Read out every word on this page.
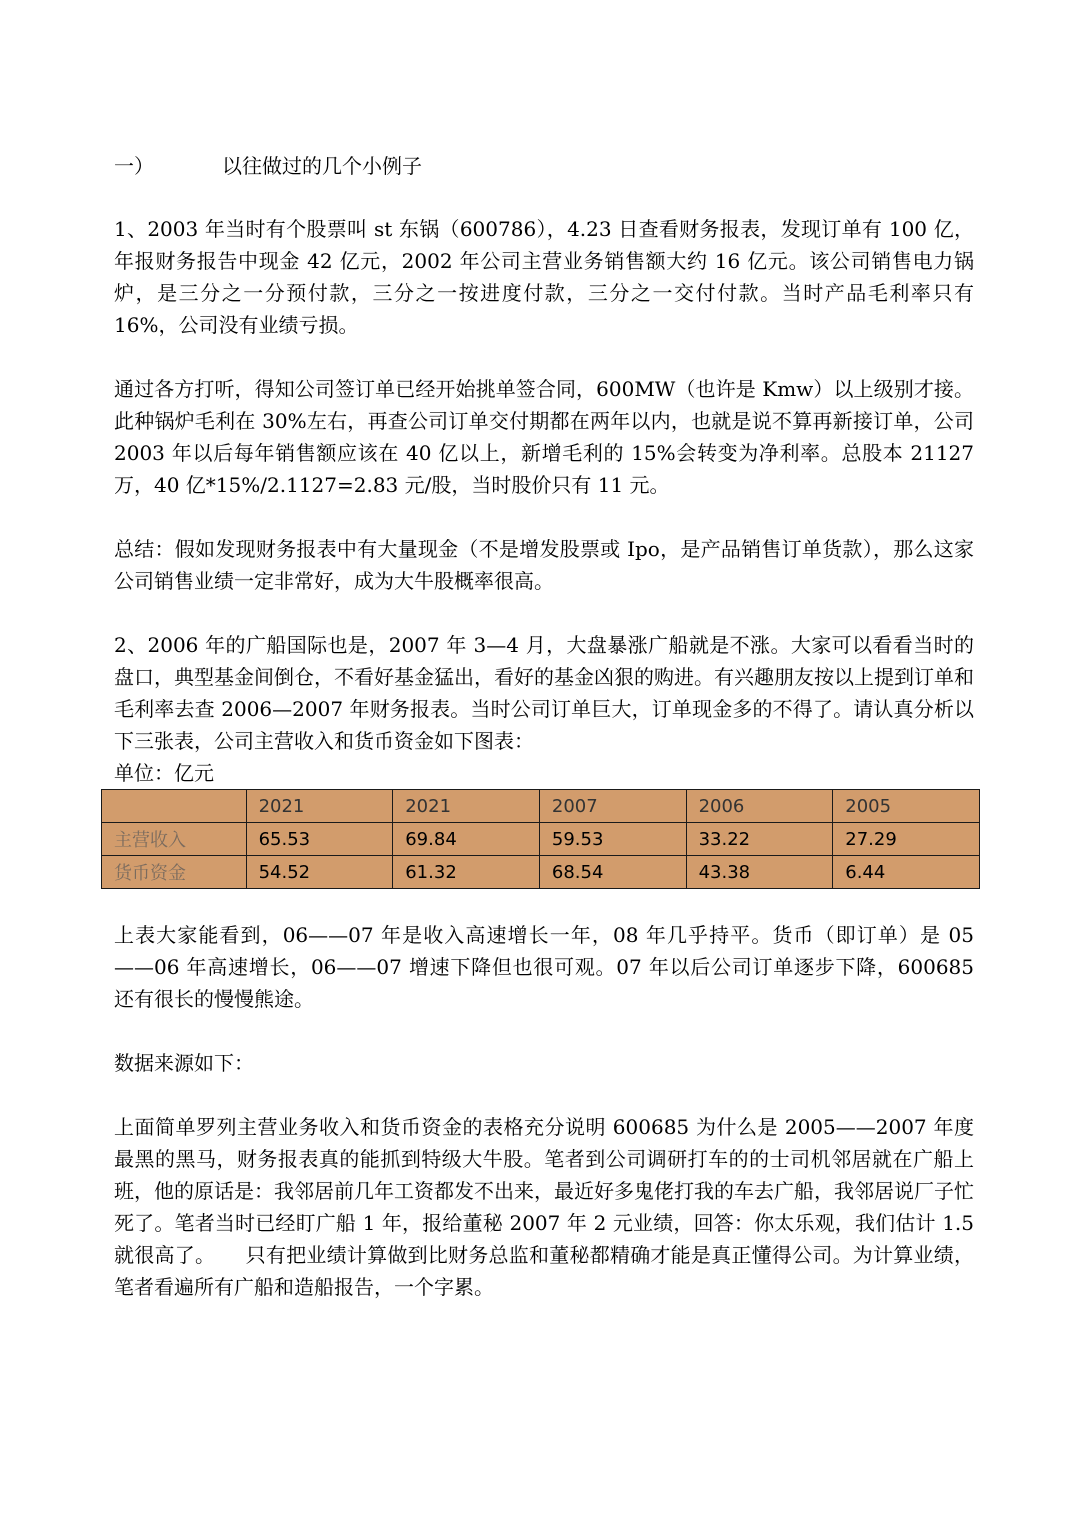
一）	以往做过的几个小例子

1、2003 年当时有个股票叫 st 东锅（600786），4.23 日查看财务报表，发现订单有 100 亿，年报财务报告中现金 42 亿元，2002 年公司主营业务销售额大约 16 亿元。该公司销售电力锅炉，是三分之一分预付款，三分之一按进度付款，三分之一交付付款。当时产品毛利率只有 16%，公司没有业绩亏损。

通过各方打听，得知公司签订单已经开始挑单签合同，600MW（也许是 Kmw）以上级别才接。此种锅炉毛利在 30%左右，再查公司订单交付期都在两年以内，也就是说不算再新接订单，公司 2003 年以后每年销售额应该在 40 亿以上，新增毛利的 15%会转变为净利率。总股本 21127 万，40 亿*15%/2.1127=2.83 元/股，当时股价只有 11 元。

总结：假如发现财务报表中有大量现金（不是增发股票或 Ipo，是产品销售订单货款），那么这家公司销售业绩一定非常好，成为大牛股概率很高。

2、2006 年的广船国际也是，2007 年 3—4 月，大盘暴涨广船就是不涨。大家可以看看当时的盘口，典型基金间倒仓，不看好基金猛出，看好的基金凶狠的购进。有兴趣朋友按以上提到订单和毛利率去查 2006—2007 年财务报表。当时公司订单巨大，订单现金多的不得了。请认真分析以下三张表，公司主营收入和货币资金如下图表：

单位：亿元

	2021	2021	2007	2006	2005
主营收入	65.53	69.84	59.53	33.22	27.29
货币资金	54.52	61.32	68.54	43.38	6.44

上表大家能看到，06——07 年是收入高速增长一年，08 年几乎持平。货币（即订单）是 05——06 年高速增长，06——07 增速下降但也很可观。07 年以后公司订单逐步下降，600685 还有很长的慢慢熊途。

数据来源如下：

上面简单罗列主营业务收入和货币资金的表格充分说明 600685 为什么是 2005——2007 年度最黑的黑马，财务报表真的能抓到特级大牛股。笔者到公司调研打车的的士司机邻居就在广船上班，他的原话是：我邻居前几年工资都发不出来，最近好多鬼佬打我的车去广船，我邻居说厂子忙死了。笔者当时已经盯广船 1 年，报给董秘 2007 年 2 元业绩，回答：你太乐观，我们估计 1.5 就很高了。　　只有把业绩计算做到比财务总监和董秘都精确才能是真正懂得公司。为计算业绩，笔者看遍所有广船和造船报告，一个字累。
